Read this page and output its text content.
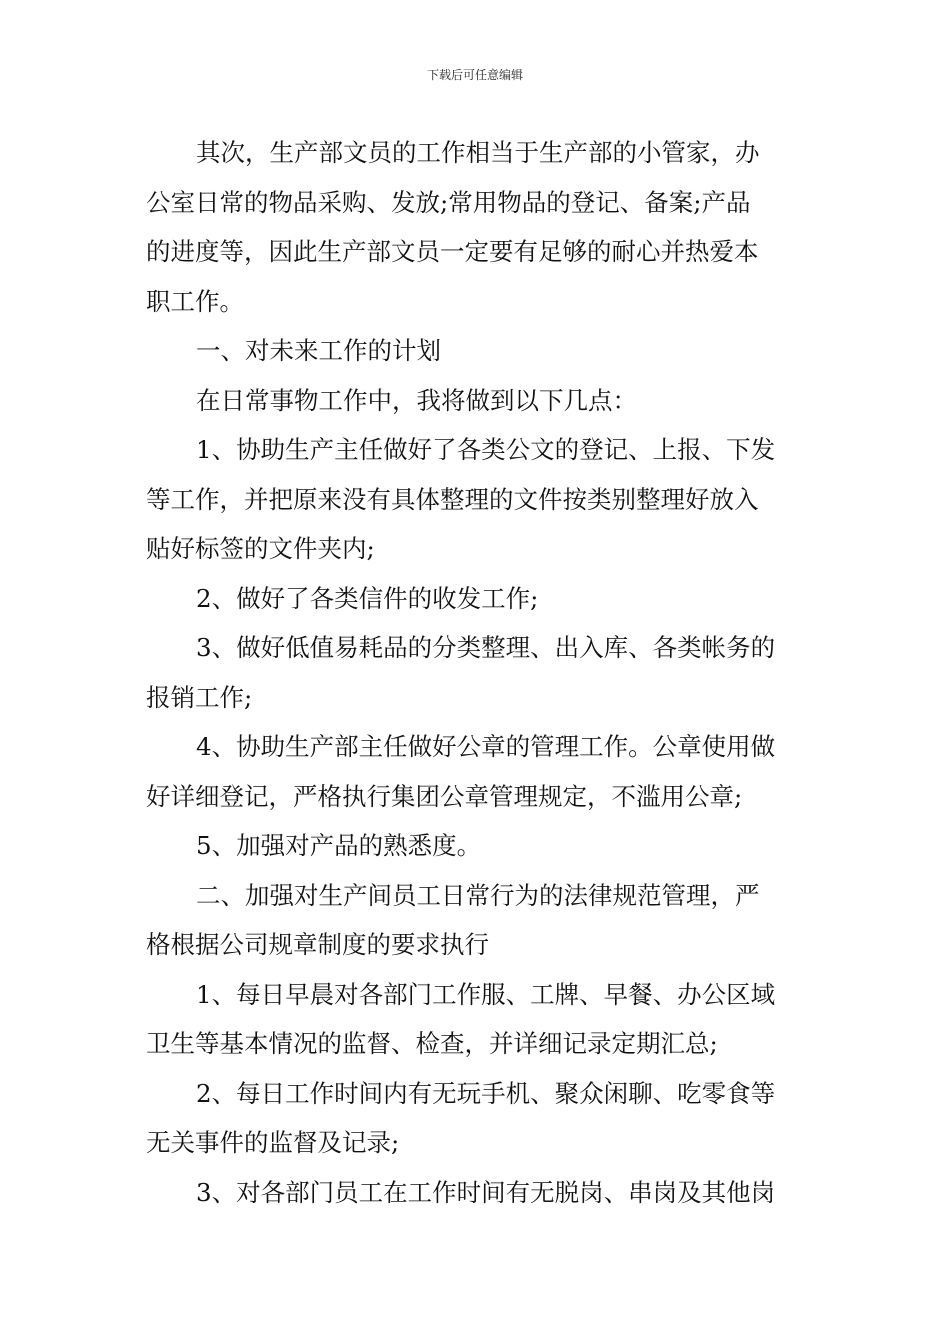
下载后可任意编辑
其次，生产部文员的工作相当于生产部的小管家，办
公室日常的物品采购、发放;常用物品的登记、备案;产品
的进度等，因此生产部文员一定要有足够的耐心并热爱本
职工作。
一、对未来工作的计划
在日常事物工作中，我将做到以下几点：
1、协助生产主任做好了各类公文的登记、上报、下发
等工作，并把原来没有具体整理的文件按类别整理好放入
贴好标签的文件夹内;
2、做好了各类信件的收发工作;
3、做好低值易耗品的分类整理、出入库、各类帐务的
报销工作;
4、协助生产部主任做好公章的管理工作。公章使用做
好详细登记，严格执行集团公章管理规定，不滥用公章;
5、加强对产品的熟悉度。
二、加强对生产间员工日常行为的法律规范管理，严
格根据公司规章制度的要求执行
1、每日早晨对各部门工作服、工牌、早餐、办公区域
卫生等基本情况的监督、检查，并详细记录定期汇总;
2、每日工作时间内有无玩手机、聚众闲聊、吃零食等
无关事件的监督及记录;
3、对各部门员工在工作时间有无脱岗、串岗及其他岗
